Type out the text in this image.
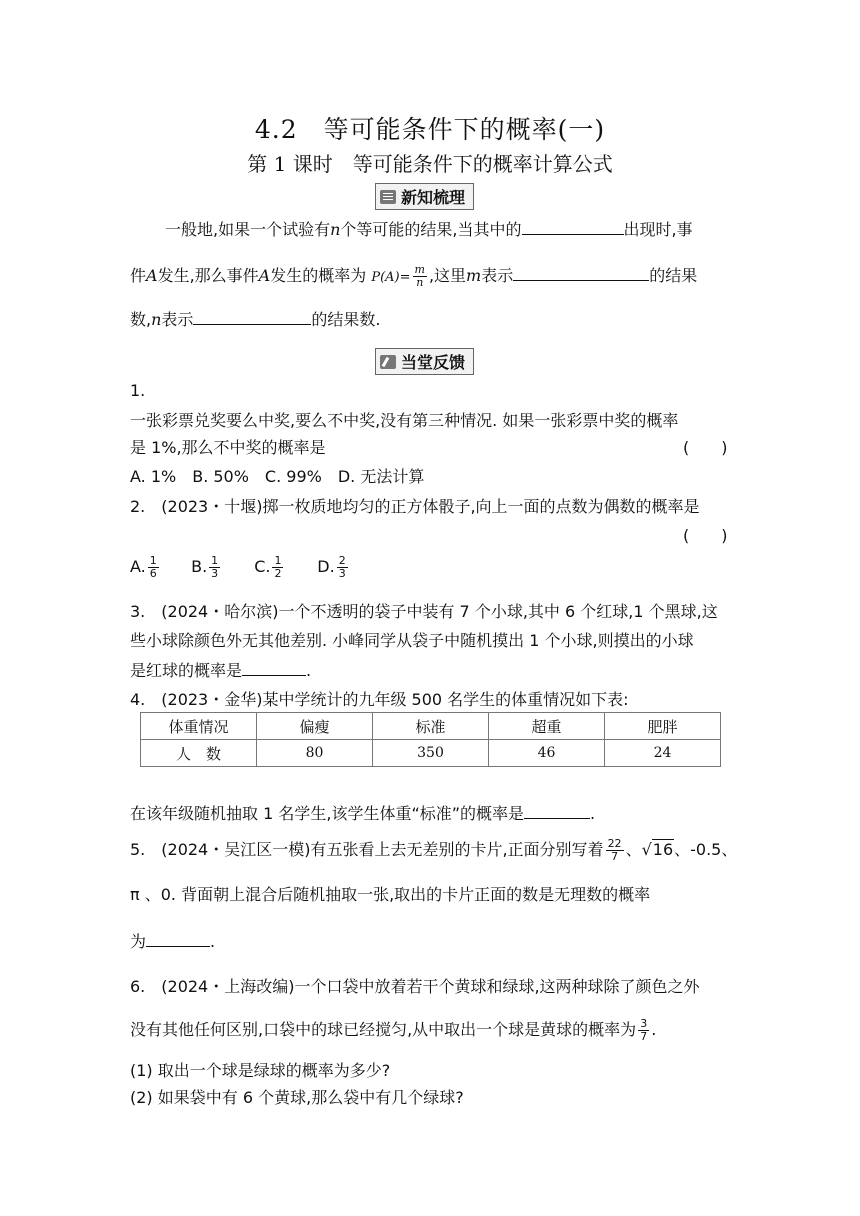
4.2　等可能条件下的概率(一)
第 1 课时　等可能条件下的概率计算公式
新知梳理
一般地,如果一个试验有n个等可能的结果,当其中的	出现时,事
件A发生,那么事件A发生的概率为 $P(A)= \frac{m}{n}$ ,这里m表示	的结果
数,n表示	的结果数.
当堂反馈
1.
一张彩票兑奖要么中奖,要么不中奖,没有第三种情况. 如果一张彩票中奖的概率
是 1%,那么不中奖的概率是	(　　)
A. 1%　B. 50%　C. 99%　D. 无法计算
2.　(2023・十堰)掷一枚质地均匀的正方体骰子,向上一面的点数为偶数的概率是
(　　)
A. $\frac{1}{6} B$. $\frac{1}{3} C$. $\frac{1}{2} D$. $\frac{2}{3}$
3.　(2024・哈尔滨)一个不透明的袋子中装有 7 个小球,其中 6 个红球,1 个黑球,这
些小球除颜色外无其他差别. 小峰同学从袋子中随机摸出 1 个小球,则摸出的小球
是红球的概率是	.
4.　(2023・金华)某中学统计的九年级 500 名学生的体重情况如下表:
体重情况	偏瘦	标准	超重	肥胖
人　数	80	350	46	24
在该年级随机抽取 1 名学生,该学生体重“标准”的概率是	.
5.　(2024・吴江区一模)有五张看上去无差别的卡片,正面分别写着 $\frac{22}{7}$ 、√16、-0.5、
π 、0. 背面朝上混合后随机抽取一张,取出的卡片正面的数是无理数的概率
为	.
6.　(2024・上海改编)一个口袋中放着若干个黄球和绿球,这两种球除了颜色之外
没有其他任何区别,口袋中的球已经搅匀,从中取出一个球是黄球的概率为 $\frac{3}{7}$ .
(1) 取出一个球是绿球的概率为多少?
(2) 如果袋中有 6 个黄球,那么袋中有几个绿球?
